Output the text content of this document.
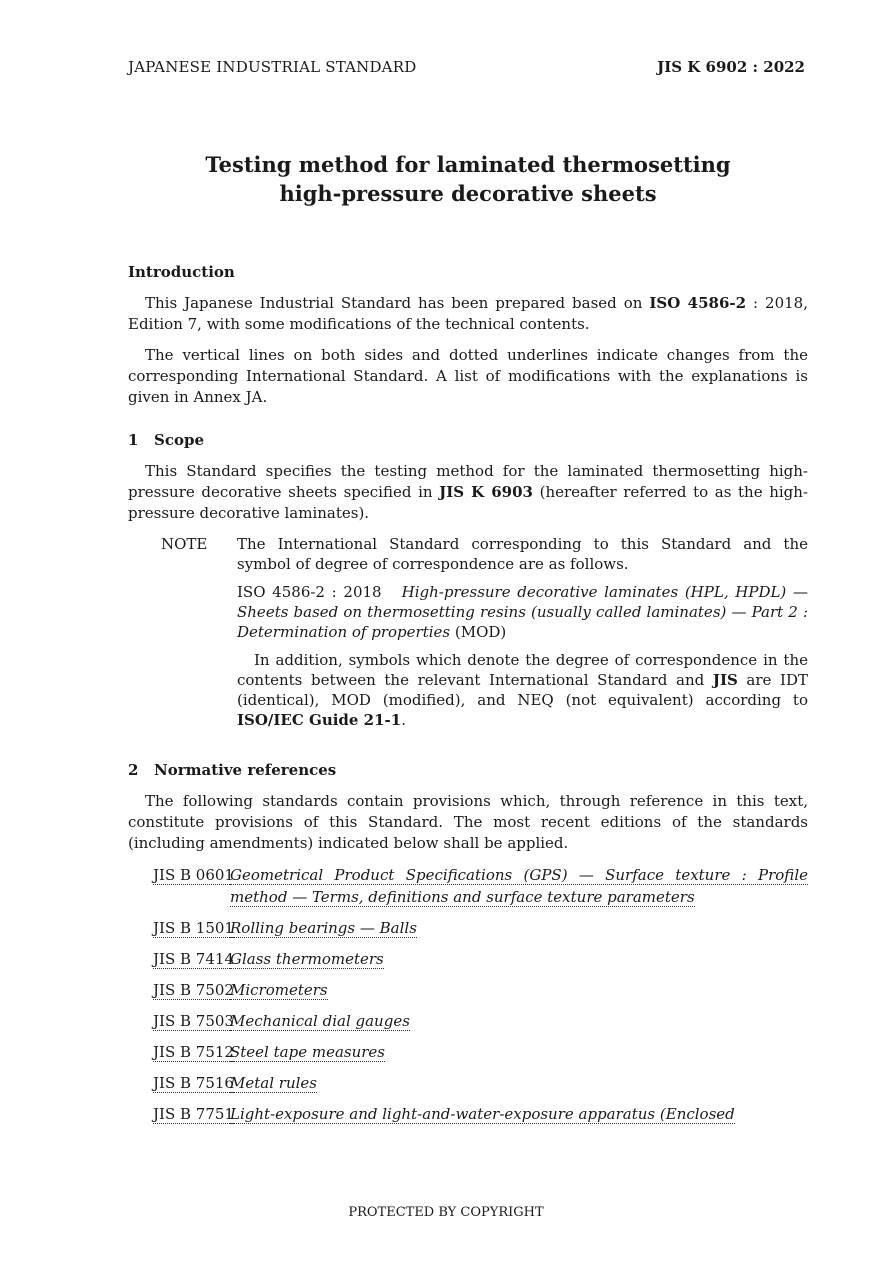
JAPANESE INDUSTRIAL STANDARD	JIS K 6902 : 2022
Testing method for laminated thermosetting
high-pressure decorative sheets
Introduction

This Japanese Industrial Standard has been prepared based on ISO 4586-2 : 2018, Edition 7, with some modifications of the technical contents.

The vertical lines on both sides and dotted underlines indicate changes from the corresponding International Standard. A list of modifications with the explanations is given in Annex JA.

1 Scope

This Standard specifies the testing method for the laminated thermosetting high-pressure decorative sheets specified in JIS K 6903 (hereafter referred to as the high-pressure decorative laminates).

NOTE	The International Standard corresponding to this Standard and the symbol of degree of correspondence are as follows.

ISO 4586-2 : 2018 High-pressure decorative laminates (HPL, HPDL) — Sheets based on thermosetting resins (usually called laminates) — Part 2 : Determination of properties (MOD)

In addition, symbols which denote the degree of correspondence in the contents between the relevant International Standard and JIS are IDT (identical), MOD (modified), and NEQ (not equivalent) according to ISO/IEC Guide 21-1.

2 Normative references

The following standards contain provisions which, through reference in this text, constitute provisions of this Standard. The most recent editions of the standards (including amendments) indicated below shall be applied.

JIS B 0601
Geometrical Product Specifications (GPS) — Surface texture : Profile method — Terms, definitions and surface texture parameters
JIS B 1501
Rolling bearings — Balls
JIS B 7414
Glass thermometers
JIS B 7502
Micrometers
JIS B 7503
Mechanical dial gauges
JIS B 7512
Steel tape measures
JIS B 7516
Metal rules
JIS B 7751
Light-exposure and light-and-water-exposure apparatus (Enclosed
PROTECTED BY COPYRIGHT
